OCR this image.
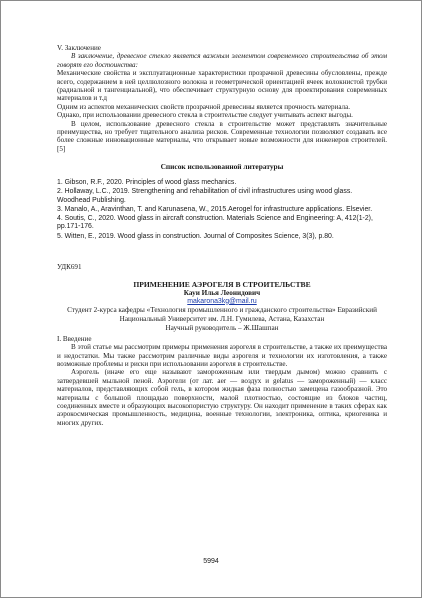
V. Заключение

В заключение, древесное стекло является важным элементом современного строительства об этом говорят его достоинства:

Механические свойства и эксплуатационные характеристики прозрачной древесины обусловлены, прежде всего, содержанием в ней целлюлозного волокна и геометрической ориентацией ячеек волокнистой трубки (радиальной и тангенциальной), что обеспечивает структурную основу для проектирования современных материалов и т.д

Одним из аспектов механических свойств прозрачной древесины является прочность материала.

Однако, при использовании древесного стекла в строительстве следует учитывать аспект выгоды.

В целом, использование древесного стекла в строительстве может представлять значительные преимущества, но требует тщательного анализа рисков. Современные технологии позволяют создавать все более сложные инновационные материалы, что открывает новые возможности для инженеров строителей.[5]

Список использованной литературы

1. Gibson, R.F., 2020. Principles of wood glass mechanics.

2. Hollaway, L.C., 2019. Strengthening and rehabilitation of civil infrastructures using wood glass. Woodhead Publishing.

3. Manalo, A., Aravinthan, T. and Karunasena, W., 2015.Aerogel for infrastructure applications. Elsevier.

4. Soutis, C., 2020. Wood glass in aircraft construction. Materials Science and Engineering: A, 412(1-2), pp.171-176.

5. Witten, E., 2019. Wood glass in construction. Journal of Composites Science, 3(3), p.80.

УДК691

ПРИМЕНЕНИЕ АЭРОГЕЛЯ В СТРОИТЕЛЬСТВЕ

Кауи Илья Леонидович

makarona3kg@mail.ru

Студент 2-курса кафедры «Технология промышленного и гражданского строительства» Евразийский Национальный Университет им. Л.Н. Гумилева, Астана, Казахстан

Научный руководитель – Ж.Шашпан

I. Введение

В этой статье мы рассмотрим примеры применения аэрогеля в строительстве, а также их преимущества и недостатки. Мы также рассмотрим различные виды аэрогеля и технологии их изготовления, а также возможные проблемы и риски при использовании аэрогеля в строительстве.

Аэрогель (иначе его еще называют замороженным или твердым дымом) можно сравнить с затвердевшей мыльной пеной. Аэрогели (от лат. aer — воздух и gelatus — замороженный) — класс материалов, представляющих собой гель, в котором жидкая фаза полностью замещена газообразной. Это материалы с большой площадью поверхности, малой плотностью, состоящие из блоков частиц, соединенных вместе и образующих высокопористую структуру. Он находит применение в таких сферах как аэрокосмическая промышленность, медицина, военные технологии, электроника, оптика, криогеника и многих других.

5994
